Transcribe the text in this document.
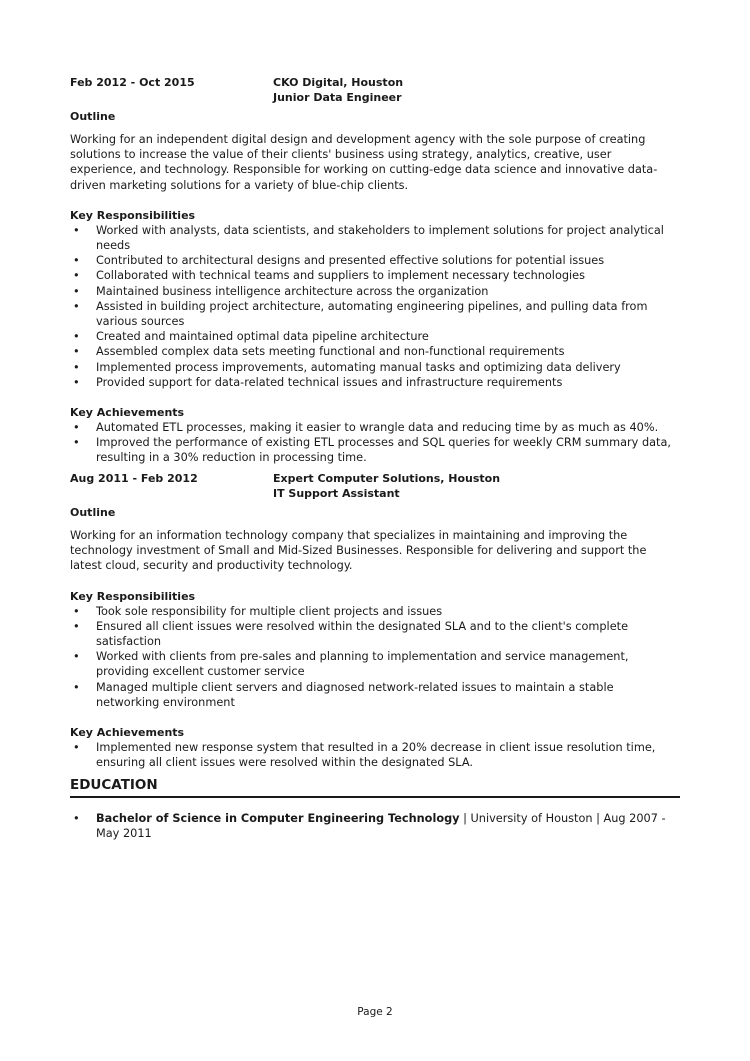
Feb 2012 - Oct 2015	CKO Digital, Houston
Junior Data Engineer
Outline

Working for an independent digital design and development agency with the sole purpose of creating solutions to increase the value of their clients' business using strategy, analytics, creative, user experience, and technology. Responsible for working on cutting-edge data science and innovative data-driven marketing solutions for a variety of blue-chip clients.

Key Responsibilities
• Worked with analysts, data scientists, and stakeholders to implement solutions for project analytical needs
• Contributed to architectural designs and presented effective solutions for potential issues
• Collaborated with technical teams and suppliers to implement necessary technologies
• Maintained business intelligence architecture across the organization
• Assisted in building project architecture, automating engineering pipelines, and pulling data from various sources
• Created and maintained optimal data pipeline architecture
• Assembled complex data sets meeting functional and non-functional requirements
• Implemented process improvements, automating manual tasks and optimizing data delivery
• Provided support for data-related technical issues and infrastructure requirements
Key Achievements
• Automated ETL processes, making it easier to wrangle data and reducing time by as much as 40%.
• Improved the performance of existing ETL processes and SQL queries for weekly CRM summary data, resulting in a 30% reduction in processing time.
Aug 2011 - Feb 2012	Expert Computer Solutions, Houston
IT Support Assistant
Outline

Working for an information technology company that specializes in maintaining and improving the technology investment of Small and Mid-Sized Businesses. Responsible for delivering and support the latest cloud, security and productivity technology.

Key Responsibilities
• Took sole responsibility for multiple client projects and issues
• Ensured all client issues were resolved within the designated SLA and to the client's complete satisfaction
• Worked with clients from pre-sales and planning to implementation and service management, providing excellent customer service
• Managed multiple client servers and diagnosed network-related issues to maintain a stable networking environment
Key Achievements
• Implemented new response system that resulted in a 20% decrease in client issue resolution time, ensuring all client issues were resolved within the designated SLA.
EDUCATION
• Bachelor of Science in Computer Engineering Technology | University of Houston | Aug 2007 - May 2011
Page 2
